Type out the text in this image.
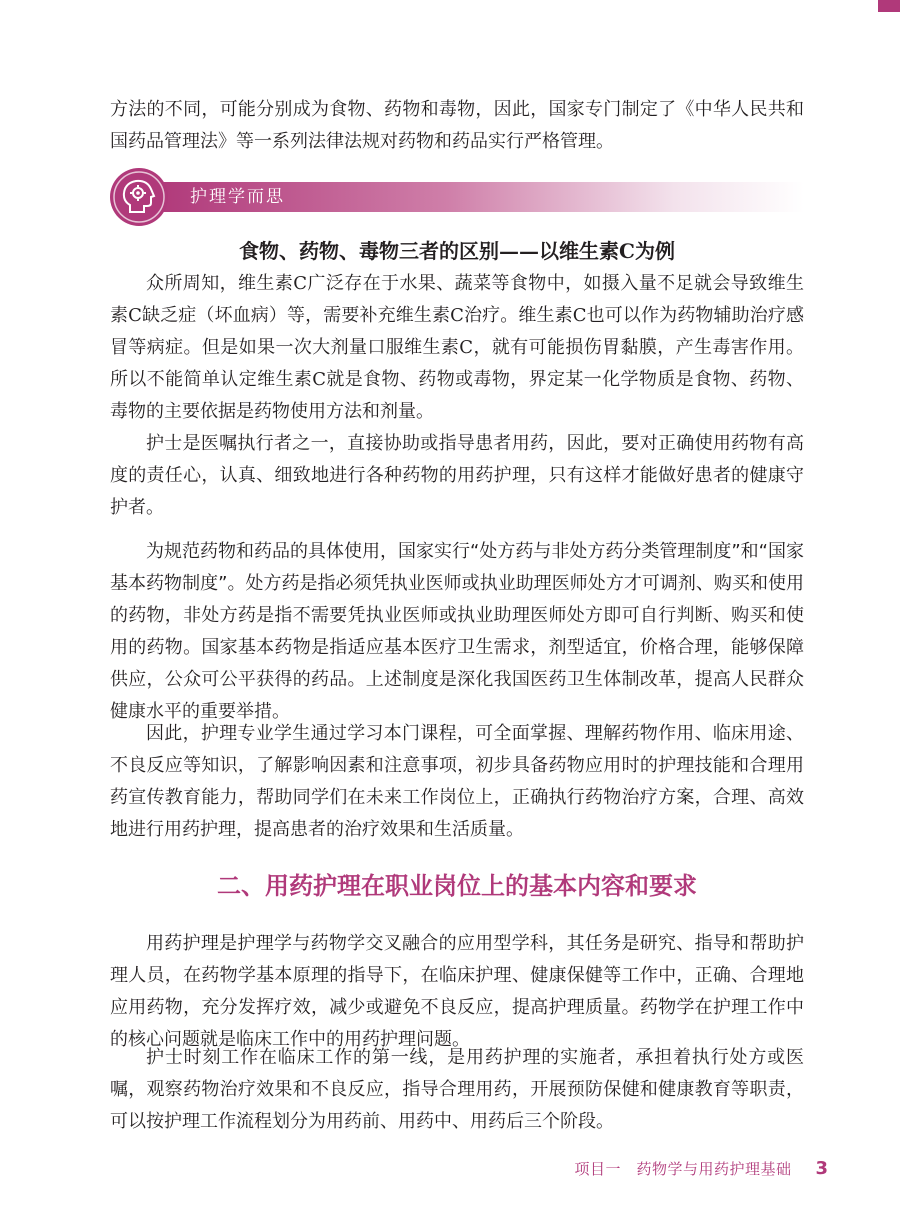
方法的不同，可能分别成为食物、药物和毒物，因此，国家专门制定了《中华人民共和国药品管理法》等一系列法律法规对药物和药品实行严格管理。

护理学而思
食物、药物、毒物三者的区别——以维生素C为例

众所周知，维生素C广泛存在于水果、蔬菜等食物中，如摄入量不足就会导致维生素C缺乏症（坏血病）等，需要补充维生素C治疗。维生素C也可以作为药物辅助治疗感冒等病症。但是如果一次大剂量口服维生素C，就有可能损伤胃黏膜，产生毒害作用。所以不能简单认定维生素C就是食物、药物或毒物，界定某一化学物质是食物、药物、毒物的主要依据是药物使用方法和剂量。

护士是医嘱执行者之一，直接协助或指导患者用药，因此，要对正确使用药物有高度的责任心，认真、细致地进行各种药物的用药护理，只有这样才能做好患者的健康守护者。

为规范药物和药品的具体使用，国家实行“处方药与非处方药分类管理制度”和“国家基本药物制度”。处方药是指必须凭执业医师或执业助理医师处方才可调剂、购买和使用的药物，非处方药是指不需要凭执业医师或执业助理医师处方即可自行判断、购买和使用的药物。国家基本药物是指适应基本医疗卫生需求，剂型适宜，价格合理，能够保障供应，公众可公平获得的药品。上述制度是深化我国医药卫生体制改革，提高人民群众健康水平的重要举措。

因此，护理专业学生通过学习本门课程，可全面掌握、理解药物作用、临床用途、不良反应等知识，了解影响因素和注意事项，初步具备药物应用时的护理技能和合理用药宣传教育能力，帮助同学们在未来工作岗位上，正确执行药物治疗方案，合理、高效地进行用药护理，提高患者的治疗效果和生活质量。

二、用药护理在职业岗位上的基本内容和要求

用药护理是护理学与药物学交叉融合的应用型学科，其任务是研究、指导和帮助护理人员，在药物学基本原理的指导下，在临床护理、健康保健等工作中，正确、合理地应用药物，充分发挥疗效，减少或避免不良反应，提高护理质量。药物学在护理工作中的核心问题就是临床工作中的用药护理问题。

护士时刻工作在临床工作的第一线，是用药护理的实施者，承担着执行处方或医嘱，观察药物治疗效果和不良反应，指导合理用药，开展预防保健和健康教育等职责，可以按护理工作流程划分为用药前、用药中、用药后三个阶段。

项目一　药物学与用药护理基础 3
